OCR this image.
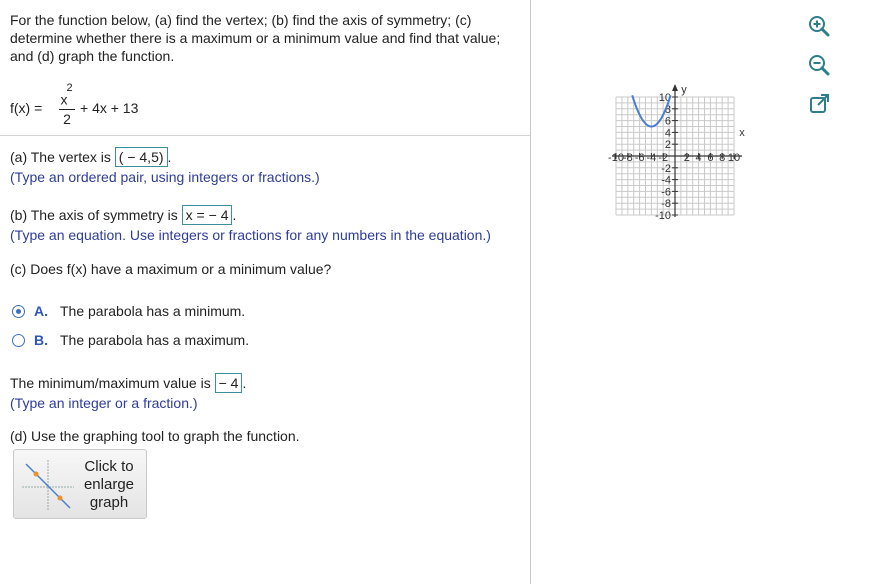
For the function below, (a) find the vertex; (b) find the axis of symmetry; (c) determine whether there is a maximum or a minimum value and find that value; and (d) graph the function.
f(x) =
$x^2$
2
+ 4x + 13
(a) The vertex is ( − 4,5) .
(Type an ordered pair, using integers or fractions.)
(b) The axis of symmetry is x = − 4 .
(Type an equation. Use integers or fractions for any numbers in the equation.)
(c) Does f(x) have a maximum or a minimum value?
A. The parabola has a minimum.
B. The parabola has a maximum.
The minimum/maximum value is − 4 .
(Type an integer or a fraction.)
(d) Use the graphing tool to graph the function.
Click to
enlarge
graph
-10
-8 -6 -4 -2 2 4 6 8 10
10
8
6
4
2
-2
-4
-6
-8
-10
x
y
